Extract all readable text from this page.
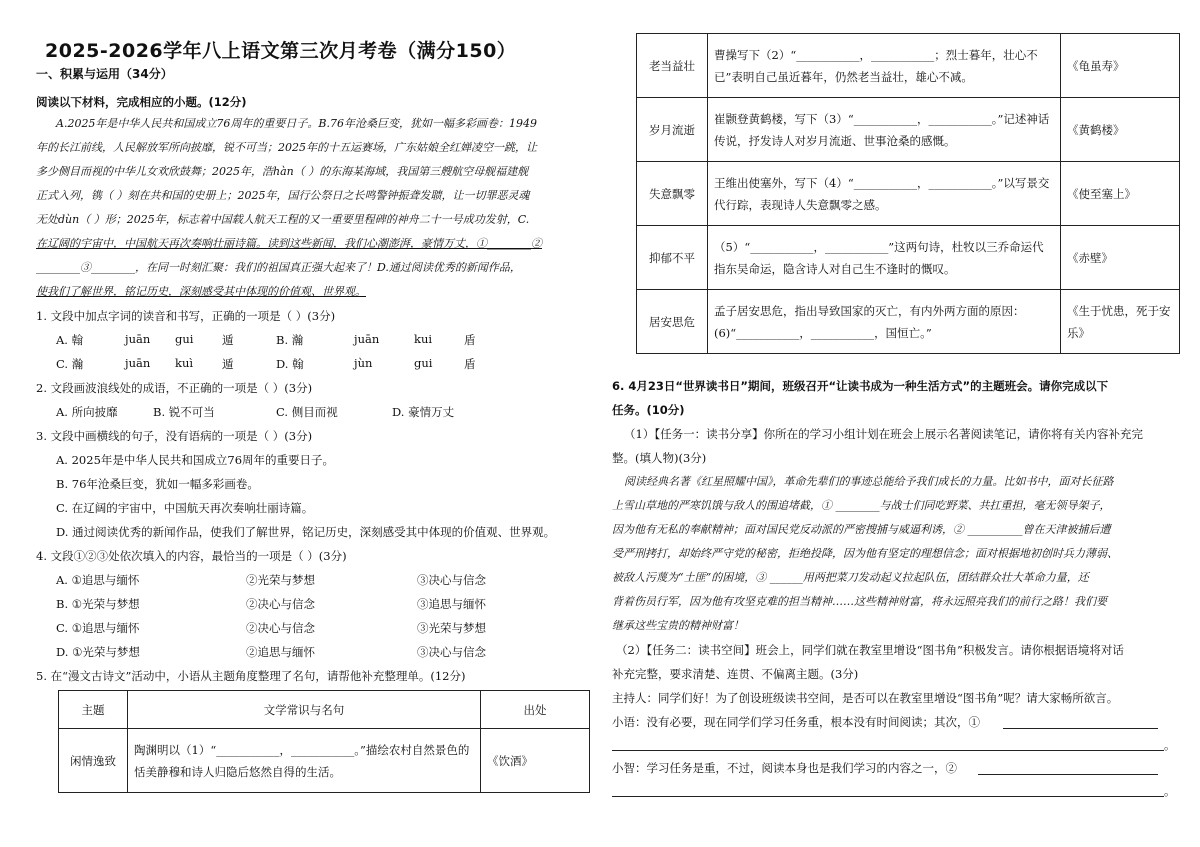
2025-2026学年八上语文第三次月考卷（满分150）
一、积累与运用（34分）
阅读以下材料，完成相应的小题。(12分)
A.2025年是中华人民共和国成立76周年的重要日子。B.76年沧桑巨变，犹如一幅多彩画卷：1949
年的长江前线，人民解放军所向披靡，锐不可当；2025年的十五运赛场，广东姑娘全红婵凌空一跳，让
多少侧目而视的中华儿女欢欣鼓舞；2025年，浩hàn（ ）的东海某海域，我国第三艘航空母舰福建舰
正式入列，镌（ ）刻在共和国的史册上；2025年，国行公祭日之长鸣警钟振聋发聩，让一切罪恶灵魂
无处dùn（ ）形；2025年，标志着中国载人航天工程的又一重要里程碑的神舟二十一号成功发射，C.
在辽阔的宇宙中，中国航天再次奏响壮丽诗篇。读到这些新闻，我们心潮澎湃，豪情万丈，①________②
________③________，在同一时刻汇聚：我们的祖国真正强大起来了！D.通过阅读优秀的新闻作品，
使我们了解世界，铭记历史，深刻感受其中体现的价值观、世界观。
1. 文段中加点字词的读音和书写，正确的一项是（ ）(3分)
A. 翰	juān gui 遁	B. 瀚	juān	kui	盾
C. 瀚	juān kuì	遁	D. 翰	jùn	gui	盾
2. 文段画波浪线处的成语，不正确的一项是（ ）(3分)
A. 所向披靡	B. 锐不可当	C. 侧目而视	D. 豪情万丈
3. 文段中画横线的句子，没有语病的一项是（ ）(3分)
A. 2025年是中华人民共和国成立76周年的重要日子。
B. 76年沧桑巨变，犹如一幅多彩画卷。
C. 在辽阔的宇宙中，中国航天再次奏响壮丽诗篇。
D. 通过阅读优秀的新闻作品，使我们了解世界，铭记历史，深刻感受其中体现的价值观、世界观。
4. 文段①②③处依次填入的内容，最恰当的一项是（ ）(3分)
A. ①追思与缅怀	②光荣与梦想	③决心与信念
B. ①光荣与梦想	②决心与信念	③追思与缅怀
C. ①追思与缅怀	②决心与信念	③光荣与梦想
D. ①光荣与梦想	②追思与缅怀	③决心与信念
5. 在“漫文古诗文”活动中，小语从主题角度整理了名句，请帮他补充整理单。(12分)
主题	文学常识与名句	出处
闲情逸致	陶渊明以（1）“___________，___________。”描绘农村自然景色的恬美静穆和诗人归隐后悠然自得的生活。	《饮酒》
老当益壮	曹操写下（2）“___________，___________；烈士暮年，壮心不已”表明自己虽近暮年，仍然老当益壮，雄心不减。	《龟虽寿》
岁月流逝	崔颢登黄鹤楼，写下（3）“___________，___________。”记述神话传说，抒发诗人对岁月流逝、世事沧桑的感慨。	《黄鹤楼》
失意飘零	王维出使塞外，写下（4）“___________，___________。”以写景交代行踪，表现诗人失意飘零之感。	《使至塞上》
抑郁不平	（5）“___________，___________”这两句诗，杜牧以三乔命运代指东吴命运，隐含诗人对自己生不逢时的慨叹。	《赤壁》
居安思危	孟子居安思危，指出导致国家的灭亡，有内外两方面的原因：(6)“___________，___________，国恒亡。”	《生于忧患，死于安乐》
6. 4月23日“世界读书日”期间，班级召开“让读书成为一种生活方式”的主题班会。请你完成以下
任务。(10分)
（1）【任务一：读书分享】你所在的学习小组计划在班会上展示名著阅读笔记，请你将有关内容补充完
整。(填人物)(3分)
阅读经典名著《红星照耀中国》，革命先辈们的事迹总能给予我们成长的力量。比如书中，面对长征路
上雪山草地的严寒饥饿与敌人的围追堵截，① ________与战士们同吃野菜、共扛重担，毫无领导架子，
因为他有无私的奉献精神；面对国民党反动派的严密搜捕与威逼利诱，② __________曾在天津被捕后遭
受严刑拷打，却始终严守党的秘密，拒绝投降，因为他有坚定的理想信念；面对根据地初创时兵力薄弱、
被敌人污蔑为“土匪”的困境，③ ______用两把菜刀发动起义拉起队伍，团结群众壮大革命力量，还
背着伤员行军，因为他有攻坚克难的担当精神……这些精神财富，将永远照亮我们的前行之路！我们要
继承这些宝贵的精神财富！
（2）【任务二：读书空间】班会上，同学们就在教室里增设“图书角”积极发言。请你根据语境将对话
补充完整，要求清楚、连贯、不偏离主题。(3分)
主持人：同学们好！为了创设班级读书空间，是否可以在教室里增设“图书角”呢？请大家畅所欲言。
小语：没有必要，现在同学们学习任务重，根本没有时间阅读；其次，①
。
小智：学习任务是重，不过，阅读本身也是我们学习的内容之一，②
。
